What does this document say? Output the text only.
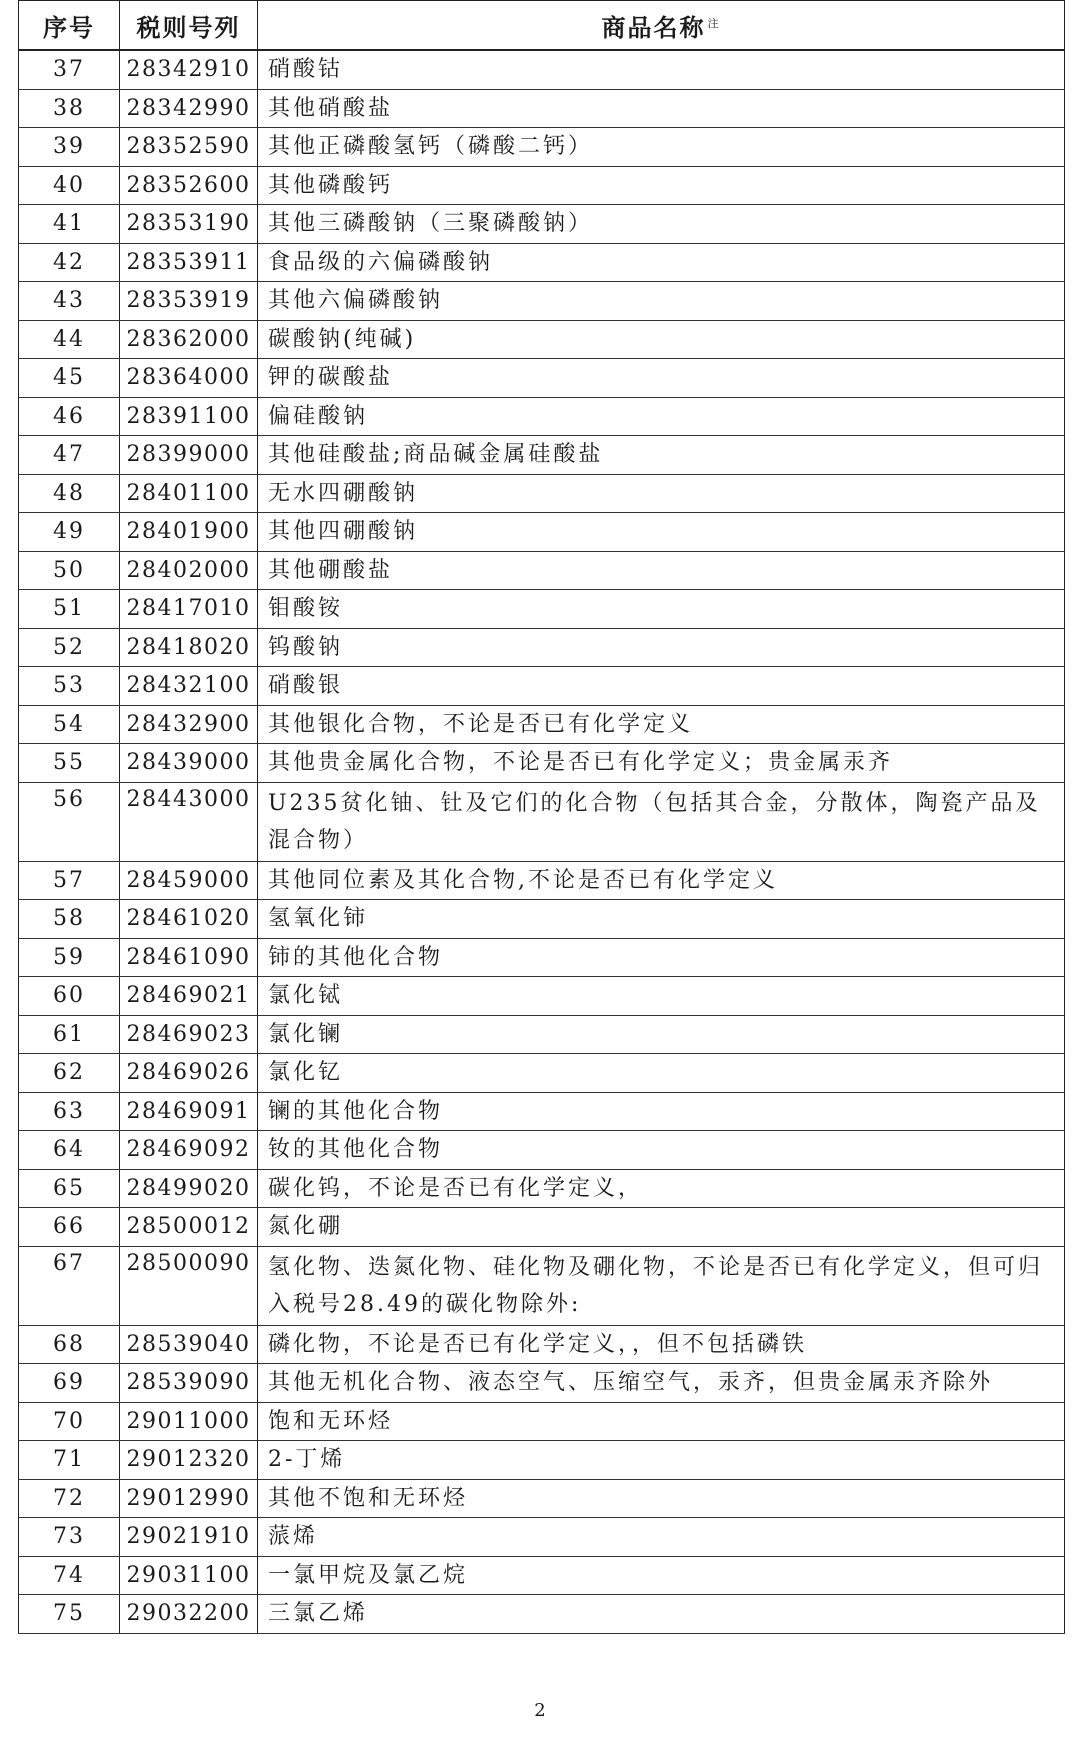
序号	税则号列	商品名称 $^注$
37	28342910	硝酸钴
38	28342990	其他硝酸盐
39	28352590	其他正磷酸氢钙（磷酸二钙）
40	28352600	其他磷酸钙
41	28353190	其他三磷酸钠（三聚磷酸钠）
42	28353911	食品级的六偏磷酸钠
43	28353919	其他六偏磷酸钠
44	28362000	碳酸钠(纯碱)
45	28364000	钾的碳酸盐
46	28391100	偏硅酸钠
47	28399000	其他硅酸盐;商品碱金属硅酸盐
48	28401100	无水四硼酸钠
49	28401900	其他四硼酸钠
50	28402000	其他硼酸盐
51	28417010	钼酸铵
52	28418020	钨酸钠
53	28432100	硝酸银
54	28432900	其他银化合物，不论是否已有化学定义
55	28439000	其他贵金属化合物，不论是否已有化学定义；贵金属汞齐
56	28443000	U235贫化铀、钍及它们的化合物（包括其合金，分散体，陶瓷产品及混合物）
57	28459000	其他同位素及其化合物,不论是否已有化学定义
58	28461020	氢氧化铈
59	28461090	铈的其他化合物
60	28469021	氯化铽
61	28469023	氯化镧
62	28469026	氯化钇
63	28469091	镧的其他化合物
64	28469092	钕的其他化合物
65	28499020	碳化钨，不论是否已有化学定义，
66	28500012	氮化硼
67	28500090	氢化物、迭氮化物、硅化物及硼化物，不论是否已有化学定义，但可归入税号28.49的碳化物除外:
68	28539040	磷化物，不论是否已有化学定义，，但不包括磷铁
69	28539090	其他无机化合物、液态空气、压缩空气，汞齐，但贵金属汞齐除外
70	29011000	饱和无环烃
71	29012320	2-丁烯
72	29012990	其他不饱和无环烃
73	29021910	蒎烯
74	29031100	一氯甲烷及氯乙烷
75	29032200	三氯乙烯
2
